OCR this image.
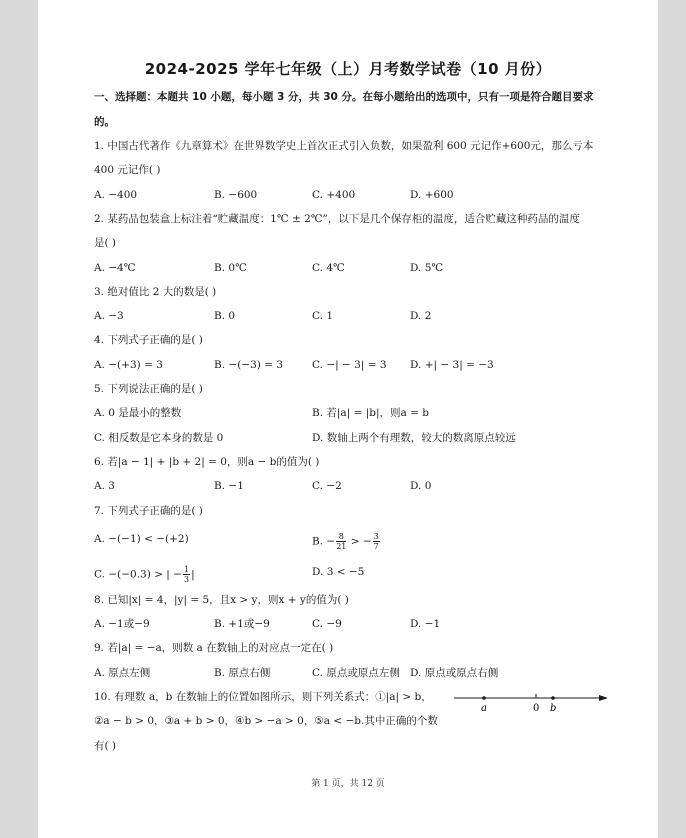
2024-2025 学年七年级（上）月考数学试卷（10 月份）
一、选择题：本题共 10 小题，每小题 3 分，共 30 分。在每小题给出的选项中，只有一项是符合题目要求
的。
1. 中国古代著作《九章算术》在世界数学史上首次正式引入负数，如果盈利 600 元记作+600元，那么亏本
400 元记作( )
A. −400	B. −600	C. +400	D. +600
2. 某药品包装盒上标注着“贮藏温度：1℃ ± 2℃”，以下是几个保存柜的温度，适合贮藏这种药品的温度
是( )
A. −4℃	B. 0℃	C. 4℃	D. 5℃
3. 绝对值比 2 大的数是( )
A. −3	B. 0	C. 1	D. 2
4. 下列式子正确的是( )
A. −(+3) = 3	B. −(−3) = 3	C. −| − 3| = 3 D. +| − 3| = −3
5. 下列说法正确的是( )
A. 0 是最小的整数	B. 若|a| = |b|，则a = b
C. 相反数是它本身的数是 0	D. 数轴上两个有理数，较大的数离原点较远
6. 若|a − 1| + |b + 2| = 0，则a − b的值为( )
A. 3	B. −1	C. −2	D. 0
7. 下列式子正确的是( )
A. −(−1) < −(+2)	B. − $\frac{8}{21}$ > − $\frac{3}{7}$
C. −(−0.3) > | − $\frac{1}{3}$ |	D. 3 < −5
8. 已知|x| = 4，|y| = 5，且x > y，则x + y的值为( )
A. −1或−9	B. +1或−9	C. −9	D. −1
9. 若|a| = −a，则数 a 在数轴上的对应点一定在( )
A. 原点左侧	B. 原点右侧	C. 原点或原点左侧 D. 原点或原点右侧
10. 有理数 a，b 在数轴上的位置如图所示，则下列关系式：①|a| > b，
②a − b > 0，③a + b > 0，④b > −a > 0，⑤a < −b.其中正确的个数
有( )
a	0 b
第 1 页，共 12 页
